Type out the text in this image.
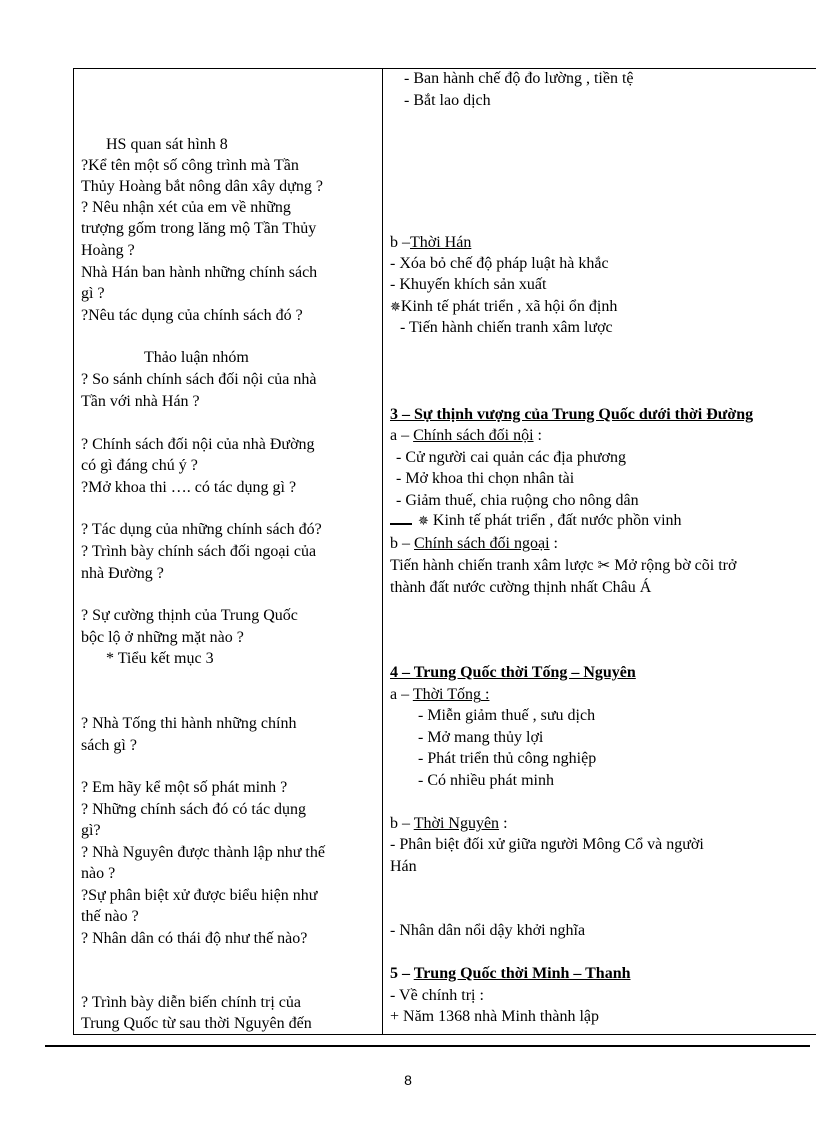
HS quan sát hình 8
?Kể tên một số công trình mà Tần
Thủy Hoàng bắt nông dân xây dựng ?
? Nêu nhận xét của em về những
trượng gốm trong lăng mộ Tần Thủy
Hoàng ?
Nhà Hán ban hành những chính sách
gì ?
?Nêu tác dụng của chính sách đó ?
Thảo luận nhóm
? So sánh chính sách đối nội của nhà
Tần với nhà Hán ?
? Chính sách đối nội của nhà Đường
có gì đáng chú ý ?
?Mở khoa thi …. có tác dụng gì ?
? Tác dụng của những chính sách đó?
? Trình bày chính sách đối ngoại của
nhà Đường ?
? Sự cường thịnh của Trung Quốc
bộc lộ ở những mặt nào ?
* Tiểu kết mục 3
? Nhà Tống thi hành những chính
sách gì ?
? Em hãy kể một số phát minh ?
? Những chính sách đó có tác dụng
gì?
? Nhà Nguyên được thành lập như thế
nào ?
?Sự phân biệt xử được biểu hiện như
thế nào ?
? Nhân dân có thái độ như thế nào?
? Trình bày diễn biến chính trị của
Trung Quốc từ sau thời Nguyên đến
- Ban hành chế độ đo lường , tiền tệ
- Bắt lao dịch
b –Thời Hán
- Xóa bỏ chế độ pháp luật hà khắc
- Khuyến khích sản xuất
✵Kinh tế phát triển , xã hội ổn định
- Tiến hành chiến tranh xâm lược
3 – Sự thịnh vượng của Trung Quốc dưới thời Đường
a – Chính sách đối nội :
- Cử người cai quản các địa phương
- Mở khoa thi chọn nhân tài
- Giảm thuế, chia ruộng cho nông dân
✵ Kinh tế phát triển , đất nước phồn vinh
b – Chính sách đối ngoại :
Tiến hành chiến tranh xâm lược ✂ Mở rộng bờ cõi trở
thành đất nước cường thịnh nhất Châu Á
4 – Trung Quốc thời Tống – Nguyên
a – Thời Tống :
- Miễn giảm thuế , sưu dịch
- Mở mang thủy lợi
- Phát triển thủ công nghiệp
- Có nhiều phát minh
b – Thời Nguyên :
- Phân biệt đối xử giữa người Mông Cổ và người
Hán
- Nhân dân nổi dậy khởi nghĩa
5 – Trung Quốc thời Minh – Thanh
- Về chính trị :
+ Năm 1368 nhà Minh thành lập
8
